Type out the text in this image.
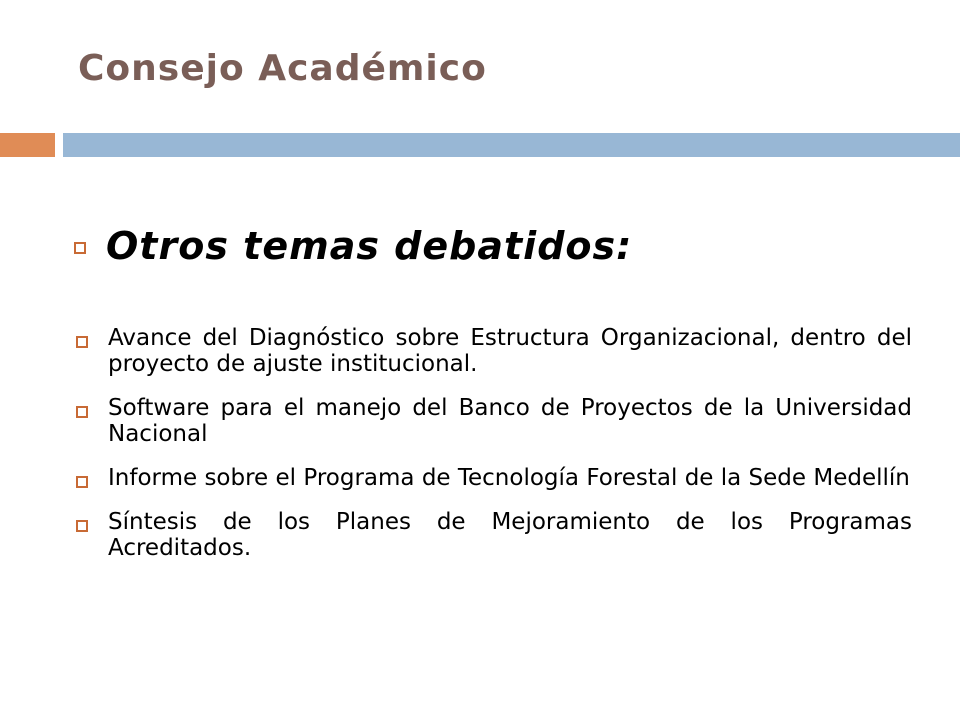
Consejo Académico
Otros temas debatidos:
Avance del Diagnóstico sobre Estructura Organizacional, dentro del proyecto de ajuste institucional.
Software para el manejo del Banco de Proyectos de la Universidad Nacional
Informe sobre el Programa de Tecnología Forestal de la Sede Medellín
Síntesis de los Planes de Mejoramiento de los Programas Acreditados.
